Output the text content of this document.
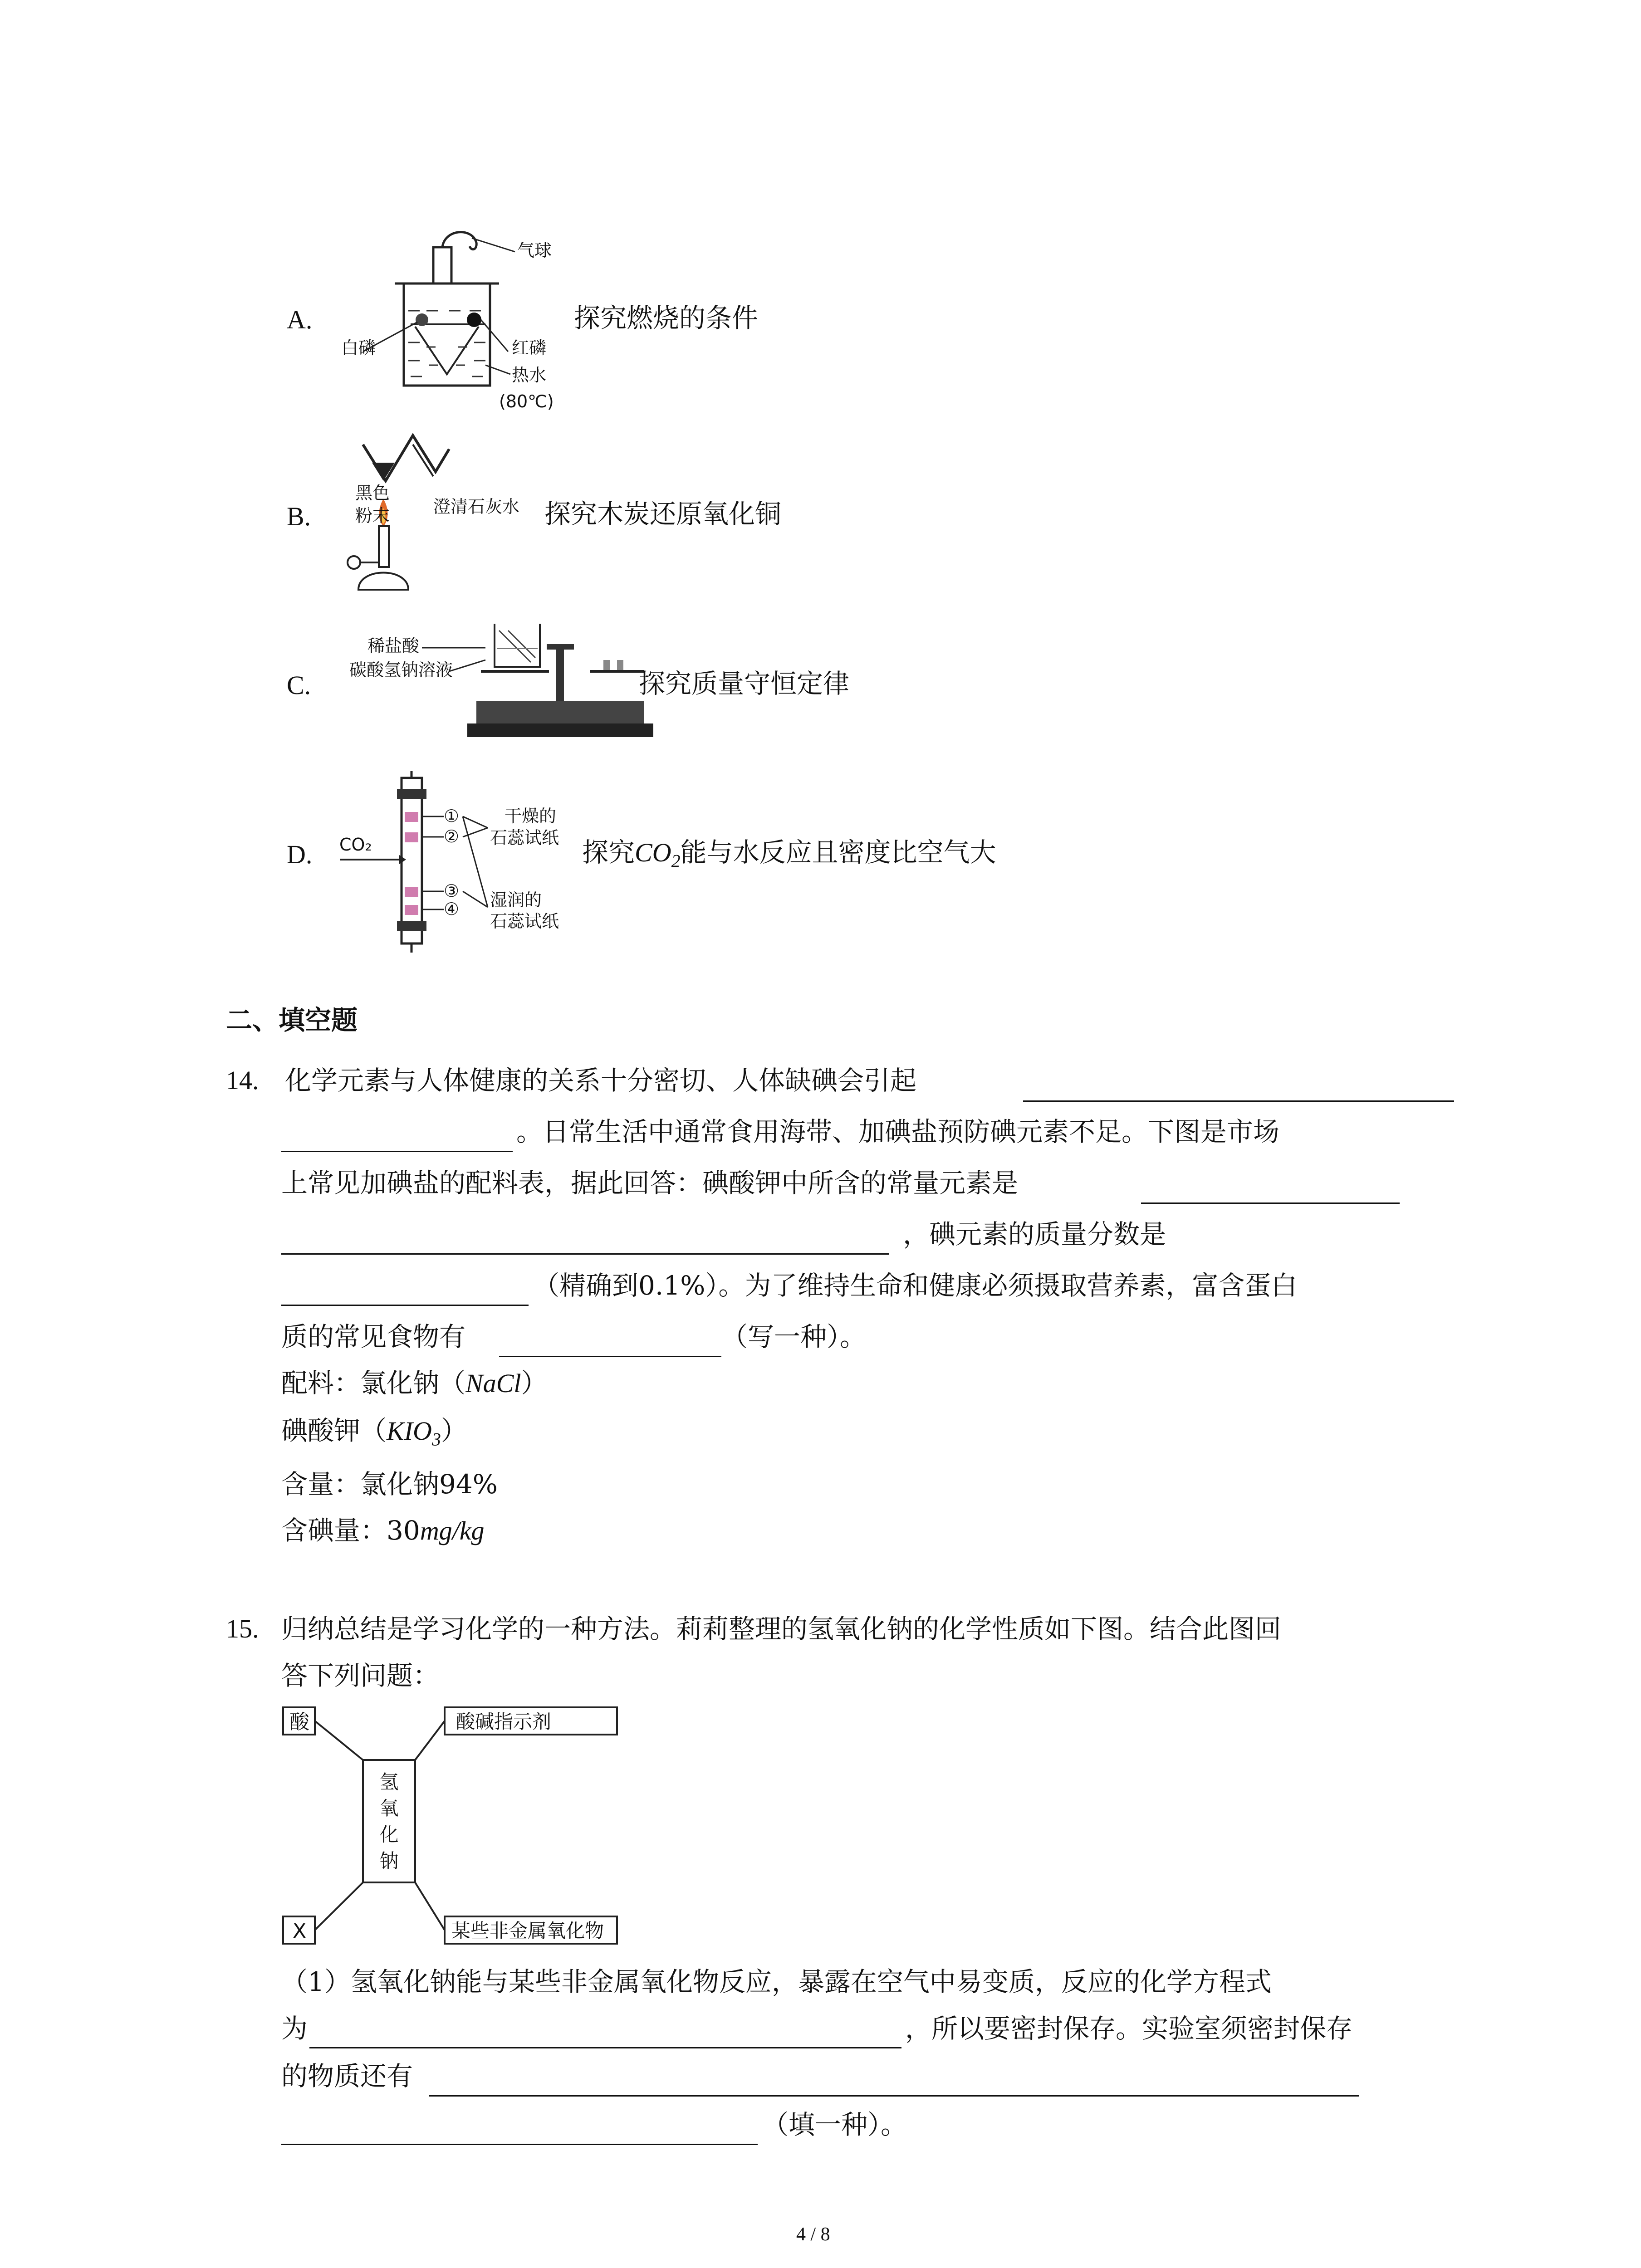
A.
气球
白磷	红磷
热水
(80℃)
探究燃烧的条件
B.
黑色
粉末	澄清石灰水 探究木炭还原氧化铜
C.
稀盐酸
碳酸氢钠溶液	探究质量守恒定律
D. CO₂
①
②
③
④
干燥的
石蕊试纸
湿润的
石蕊试纸
探究$CO_2$能与水反应且密度比空气大
二、填空题
14. 化学元素与人体健康的关系十分密切、人体缺碘会引起
。日常生活中通常食用海带、加碘盐预防碘元素不足。下图是市场
上常见加碘盐的配料表，据此回答：碘酸钾中所含的常量元素是
，碘元素的质量分数是
（精确到0.1%）。为了维持生命和健康必须摄取营养素，富含蛋白
质的常见食物有	（写一种）。
配料：氯化钠（NaCl）
碘酸钾$(KIO_3)$
含量：氯化钠94%
含碘量：30mg/kg
15. 归纳总结是学习化学的一种方法。莉莉整理的氢氧化钠的化学性质如下图。结合此图回
答下列问题：
酸	酸碱指示剂
氢
氧
化
钠
X	某些非金属氧化物
（1）氢氧化钠能与某些非金属氧化物反应，暴露在空气中易变质，反应的化学方程式
为	，所以要密封保存。实验室须密封保存
的物质还有
（填一种）。
4 / 8
